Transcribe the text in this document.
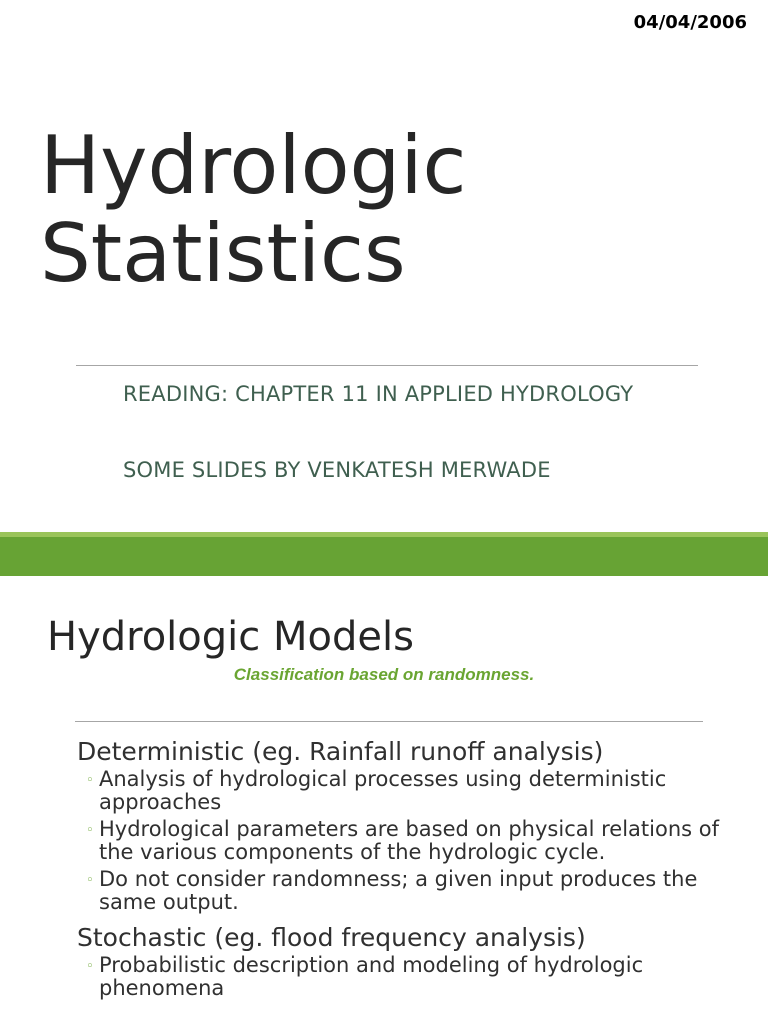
04/04/2006
Hydrologic
Statistics
READING: CHAPTER 11 IN APPLIED HYDROLOGY
SOME SLIDES BY VENKATESH MERWADE
Hydrologic Models
Classification based on randomness.

Deterministic (eg. Rainfall runoff analysis)

◦ Analysis of hydrological processes using deterministic approaches
◦ Hydrological parameters are based on physical relations of the various components of the hydrologic cycle.
◦ Do not consider randomness; a given input produces the same output.

Stochastic (eg. flood frequency analysis)

◦ Probabilistic description and modeling of hydrologic phenomena
